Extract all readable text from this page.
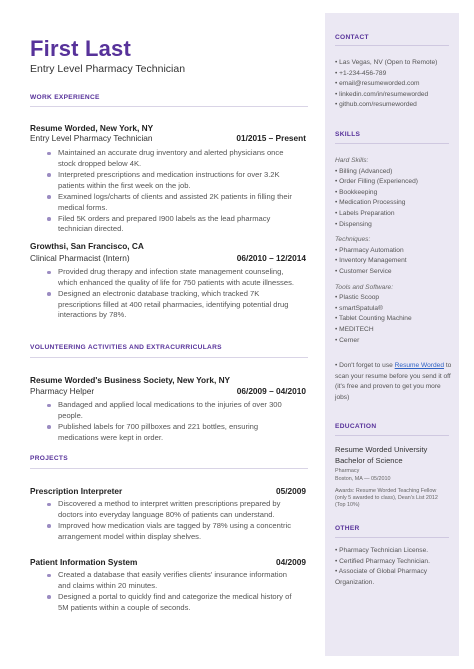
First Last
Entry Level Pharmacy Technician
WORK EXPERIENCE
Resume Worded, New York, NY
Entry Level Pharmacy Technician	01/2015 – Present
Maintained an accurate drug inventory and alerted physicians once stock dropped below 4K.
Interpreted prescriptions and medication instructions for over 3.2K patients within the first week on the job.
Examined logs/charts of clients and assisted 2K patients in filling their medical forms.
Filed 5K orders and prepared I900 labels as the lead pharmacy technician directed.
Growthsi, San Francisco, CA
Clinical Pharmacist (Intern)	06/2010 – 12/2014
Provided drug therapy and infection state management counseling, which enhanced the quality of life for 750 patients with acute illnesses.
Designed an electronic database tracking, which tracked 7K prescriptions filled at 400 retail pharmacies, identifying potential drug interactions by 78%.
VOLUNTEERING ACTIVITIES AND EXTRACURRICULARS
Resume Worded's Business Society, New York, NY
Pharmacy Helper	06/2009 – 04/2010
Bandaged and applied local medications to the injuries of over 300 people.
Published labels for 700 pillboxes and 221 bottles, ensuring medications were kept in order.
PROJECTS
Prescription Interpreter	05/2009
Discovered a method to interpret written prescriptions prepared by doctors into everyday language 80% of patients can understand.
Improved how medication vials are tagged by 78% using a concentric arrangement model within display shelves.
Patient Information System	04/2009
Created a database that easily verifies clients' insurance information and claims within 20 minutes.
Designed a portal to quickly find and categorize the medical history of 5M patients within a couple of seconds.
CONTACT
• Las Vegas, NV (Open to Remote)
• +1-234-456-789
• email@resumeworded.com
• linkedin.com/in/resumeworded
• github.com/resumeworded
SKILLS
Hard Skills:
• Billing (Advanced)
• Order Filling (Experienced)
• Bookkeeping
• Medication Processing
• Labels Preparation
• Dispensing
Techniques:
• Pharmacy Automation
• Inventory Management
• Customer Service
Tools and Software:
• Plastic Scoop
• smartSpatula®
• Tablet Counting Machine
• MEDITECH
• Cerner
• Don't forget to use Resume Worded to scan your resume before you send it off (it's free and proven to get you more jobs)
EDUCATION
Resume Worded University
Bachelor of Science
Pharmacy
Boston, MA — 05/2010
Awards: Resume Worded Teaching Fellow (only 5 awarded to class), Dean's List 2012 (Top 10%)
OTHER
• Pharmacy Technician License.
• Certified Pharmacy Technician.
• Associate of Global Pharmacy Organization.
